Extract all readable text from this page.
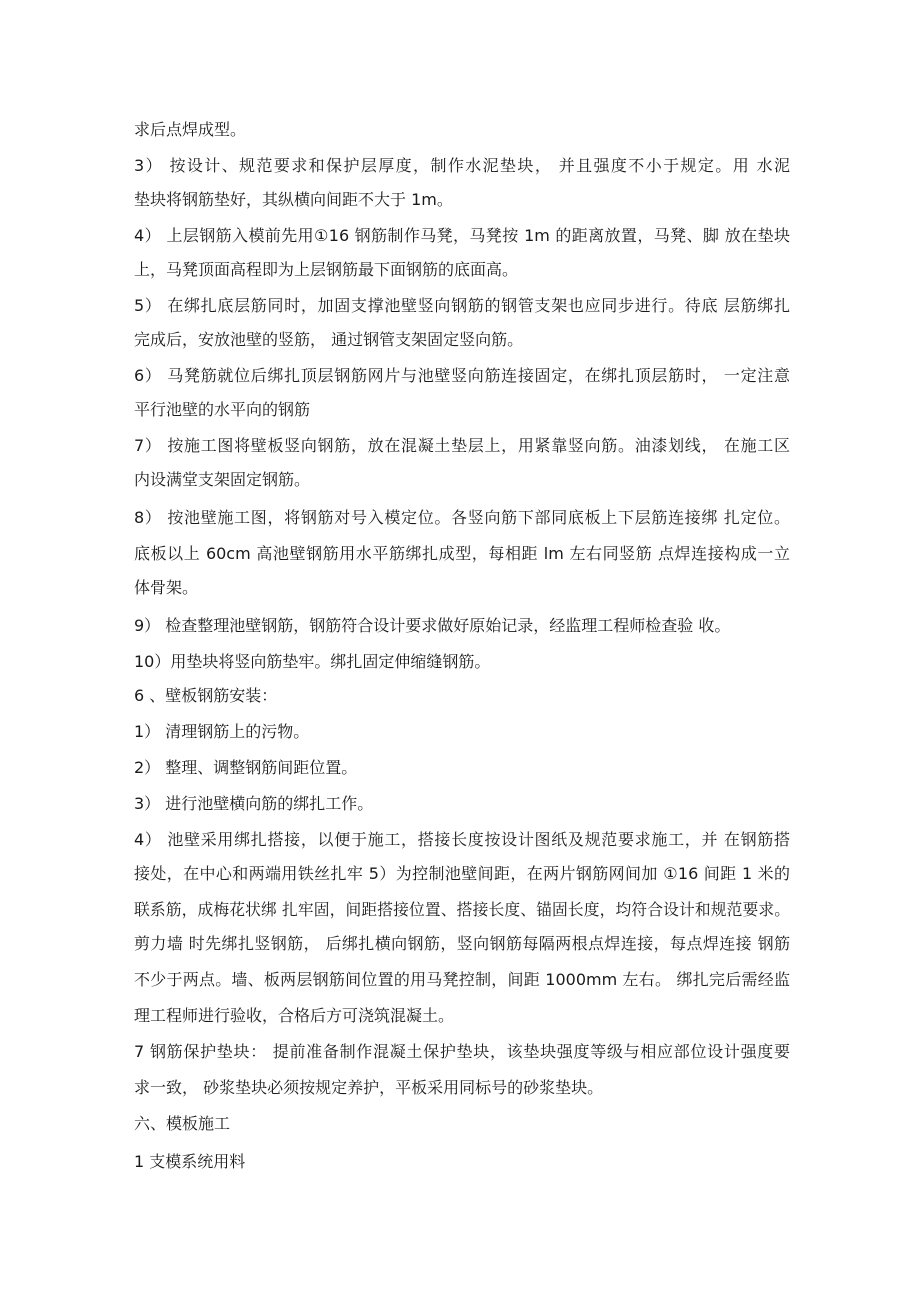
求后点焊成型。
3） 按设计、规范要求和保护层厚度，制作水泥垫块， 并且强度不小于规定。用 水泥
垫块将钢筋垫好，其纵横向间距不大于 1m。
4） 上层钢筋入模前先用①16 钢筋制作马凳，马凳按 1m 的距离放置，马凳、脚 放在垫块
上，马凳顶面高程即为上层钢筋最下面钢筋的底面高。
5） 在绑扎底层筋同时，加固支撑池壁竖向钢筋的钢管支架也应同步进行。待底 层筋绑扎
完成后，安放池壁的竖筋， 通过钢管支架固定竖向筋。
6） 马凳筋就位后绑扎顶层钢筋网片与池壁竖向筋连接固定，在绑扎顶层筋时， 一定注意
平行池壁的水平向的钢筋
7） 按施工图将壁板竖向钢筋，放在混凝土垫层上，用紧靠竖向筋。油漆划线， 在施工区
内设满堂支架固定钢筋。
8） 按池壁施工图，将钢筋对号入模定位。各竖向筋下部同底板上下层筋连接绑 扎定位。
底板以上 60cm 高池壁钢筋用水平筋绑扎成型，每相距 lm 左右同竖筋 点焊连接构成一立
体骨架。
9） 检查整理池壁钢筋，钢筋符合设计要求做好原始记录，经监理工程师检查验 收。
10）用垫块将竖向筋垫牢。绑扎固定伸缩缝钢筋。
6 、壁板钢筋安装：
1） 清理钢筋上的污物。
2） 整理、调整钢筋间距位置。
3） 进行池壁横向筋的绑扎工作。
4） 池壁采用绑扎搭接，以便于施工，搭接长度按设计图纸及规范要求施工，并 在钢筋搭
接处，在中心和两端用铁丝扎牢 5）为控制池壁间距，在两片钢筋网间加 ①16 间距 1 米的
联系筋，成梅花状绑 扎牢固，间距搭接位置、搭接长度、锚固长度，均符合设计和规范要求。
剪力墙 时先绑扎竖钢筋， 后绑扎横向钢筋，竖向钢筋每隔两根点焊连接，每点焊连接 钢筋
不少于两点。墙、板两层钢筋间位置的用马凳控制，间距 1000mm 左右。 绑扎完后需经监
理工程师进行验收，合格后方可浇筑混凝土。
7 钢筋保护垫块： 提前准备制作混凝土保护垫块，该垫块强度等级与相应部位设计强度要
求一致， 砂浆垫块必须按规定养护，平板采用同标号的砂浆垫块。
六、模板施工
1 支模系统用料
